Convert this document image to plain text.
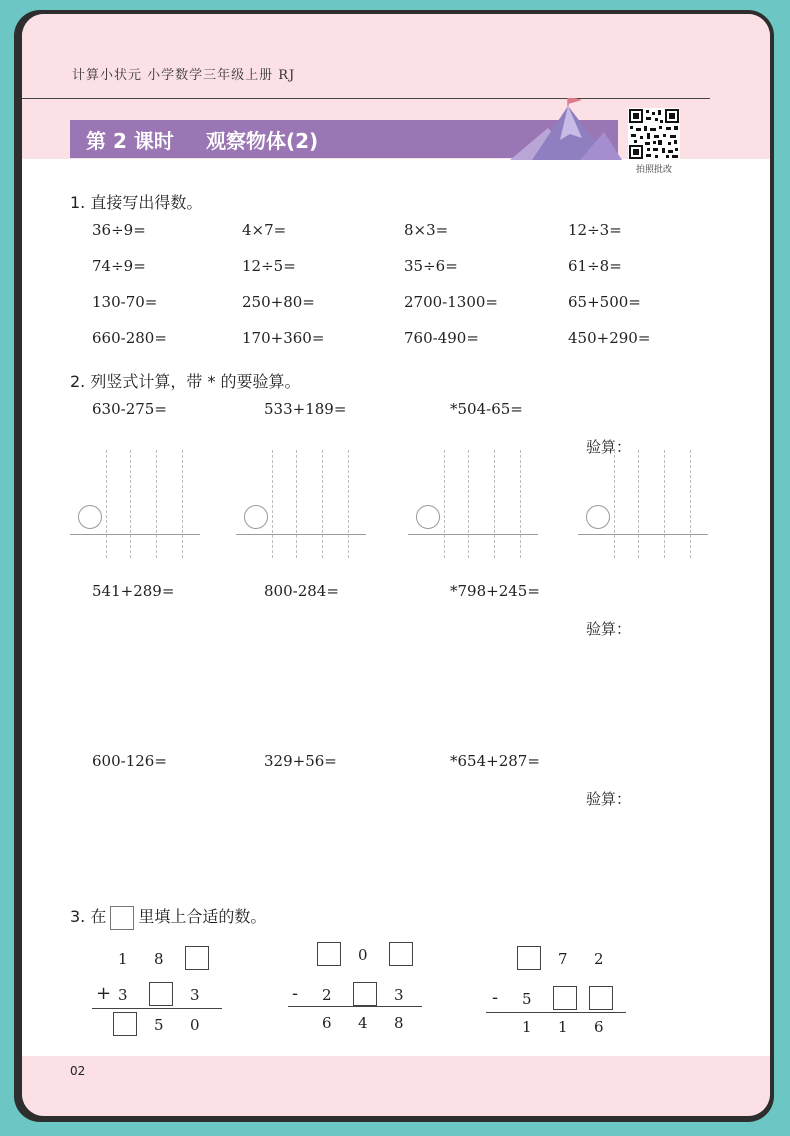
计算小状元 小学数学三年级上册 RJ
第 2 课时 观察物体(2)
拍照批改
1. 直接写出得数。
36÷9=	4×7=	8×3=	12÷3=
74÷9=	12÷5=	35÷6=	61÷8=
130-70=	250+80=	2700-1300=	65+500=
660-280=	170+360=	760-490=	450+290=
2. 列竖式计算，带 * 的要验算。
630-275=	533+189=	*504-65=
验算：
541+289=	800-284=	*798+245=
验算：
600-126=	329+56=	*654+287=
验算：
3. 在 里填上合适的数。
1 8
+ 3	3
5 0
0
- 2	3
6 4 8
7 2
- 5
1 1 6
02
